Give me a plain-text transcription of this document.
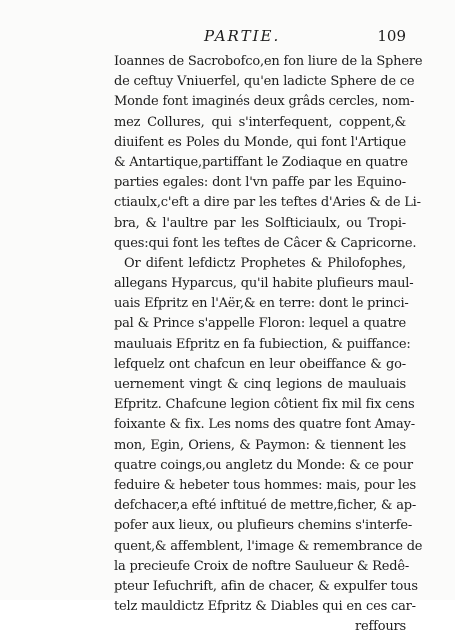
PARTIE.	109
Ioannes de Sacrobofco,en fon liure de la Sphere
de ceftuy Vniuerfel, qu'en ladicte Sphere de ce
Monde font imaginés deux grâds cercles, nom-
mez Collures, qui s'interfequent, coppent,&
diuifent es Poles du Monde, qui font l'Artique
& Antartique,partiffant le Zodiaque en quatre
parties egales: dont l'vn paffe par les Equino-
ctiaulx,c'eft a dire par les teftes d'Aries & de Li-
bra, & l'aultre par les Solfticiaulx, ou Tropi-
ques:qui font les teftes de Câcer & Capricorne.
Or difent lefdictz Prophetes & Philofophes,
allegans Hyparcus, qu'il habite plufieurs maul-
uais Efpritz en l'Aër,& en terre: dont le princi-
pal & Prince s'appelle Floron: lequel a quatre
mauluais Efpritz en fa fubiection, & puiffance:
lefquelz ont chafcun en leur obeiffance & go-
uernement vingt & cinq legions de mauluais
Efpritz. Chafcune legion côtient fix mil fix cens
foixante & fix. Les noms des quatre font Amay-
mon, Egin, Oriens, & Paymon: & tiennent les
quatre coings,ou angletz du Monde: & ce pour
feduire & hebeter tous hommes: mais, pour les
defchacer,a efté inftitué de mettre,ficher, & ap-
pofer aux lieux, ou plufieurs chemins s'interfe-
quent,& affemblent, l'image & remembrance de
la precieufe Croix de noftre Saulueur & Redê-
pteur Iefuchrift, afin de chacer, & expulfer tous
telz mauldictz Efpritz & Diables qui en ces car-
reffours
